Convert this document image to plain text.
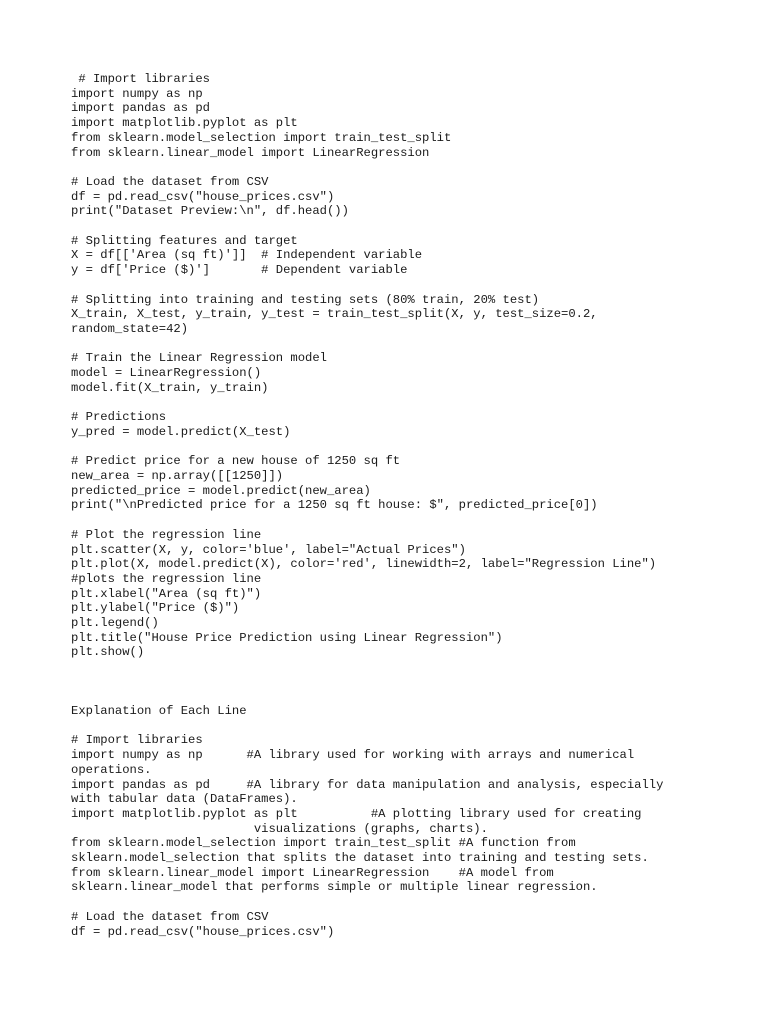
# Import libraries
import numpy as np
import pandas as pd
import matplotlib.pyplot as plt
from sklearn.model_selection import train_test_split
from sklearn.linear_model import LinearRegression

# Load the dataset from CSV
df = pd.read_csv("house_prices.csv")
print("Dataset Preview:\n", df.head())

# Splitting features and target
X = df[['Area (sq ft)']]  # Independent variable
y = df['Price ($)']       # Dependent variable

# Splitting into training and testing sets (80% train, 20% test)
X_train, X_test, y_train, y_test = train_test_split(X, y, test_size=0.2,
random_state=42)

# Train the Linear Regression model
model = LinearRegression()
model.fit(X_train, y_train)

# Predictions
y_pred = model.predict(X_test)

# Predict price for a new house of 1250 sq ft
new_area = np.array([[1250]])
predicted_price = model.predict(new_area)
print("\nPredicted price for a 1250 sq ft house: $", predicted_price[0])

# Plot the regression line
plt.scatter(X, y, color='blue', label="Actual Prices")
plt.plot(X, model.predict(X), color='red', linewidth=2, label="Regression Line")
#plots the regression line
plt.xlabel("Area (sq ft)")
plt.ylabel("Price ($)")
plt.legend()
plt.title("House Price Prediction using Linear Regression")
plt.show()
Explanation of Each Line

# Import libraries
import numpy as np      #A library used for working with arrays and numerical
operations.
import pandas as pd     #A library for data manipulation and analysis, especially
with tabular data (DataFrames).
import matplotlib.pyplot as plt          #A plotting library used for creating
visualizations (graphs, charts).
from sklearn.model_selection import train_test_split #A function from
sklearn.model_selection that splits the dataset into training and testing sets.
from sklearn.linear_model import LinearRegression    #A model from
sklearn.linear_model that performs simple or multiple linear regression.

# Load the dataset from CSV
df = pd.read_csv("house_prices.csv")
